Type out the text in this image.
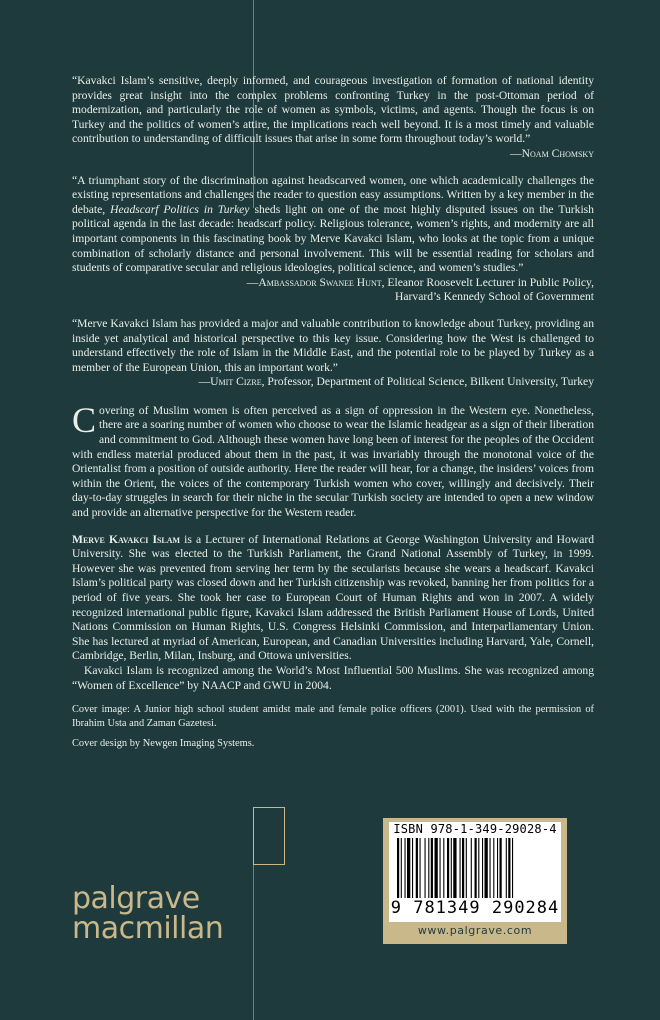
“Kavakci Islam’s sensitive, deeply informed, and courageous investigation of formation of national identity provides great insight into the complex problems confronting Turkey in the post-Ottoman period of modernization, and particularly the role of women as symbols, victims, and agents. Though the focus is on Turkey and the politics of women’s attire, the implications reach well beyond. It is a most timely and valuable contribution to understanding of difficult issues that arise in some form throughout today’s world.”

—Noam Chomsky

“A triumphant story of the discrimination against headscarved women, one which academically challenges the existing representations and challenges the reader to question easy assumptions. Written by a key member in the debate, Headscarf Politics in Turkey sheds light on one of the most highly disputed issues on the Turkish political agenda in the last decade: headscarf policy. Religious tolerance, women’s rights, and modernity are all important components in this fascinating book by Merve Kavakci Islam, who looks at the topic from a unique combination of scholarly distance and personal involvement. This will be essential reading for scholars and students of comparative secular and religious ideologies, political science, and women’s studies.”

—Ambassador Swanee Hunt, Eleanor Roosevelt Lecturer in Public Policy,
Harvard’s Kennedy School of Government

“Merve Kavakci Islam has provided a major and valuable contribution to knowledge about Turkey, providing an inside yet analytical and historical perspective to this key issue. Considering how the West is challenged to understand effectively the role of Islam in the Middle East, and the potential role to be played by Turkey as a member of the European Union, this an important work.”

—Umit Cizre, Professor, Department of Political Science, Bilkent University, Turkey

Covering of Muslim women is often perceived as a sign of oppression in the Western eye. Nonetheless, there are a soaring number of women who choose to wear the Islamic headgear as a sign of their liberation and commitment to God. Although these women have long been of interest for the peoples of the Occident with endless material produced about them in the past, it was invariably through the monotonal voice of the Orientalist from a position of outside authority. Here the reader will hear, for a change, the insiders’ voices from within the Orient, the voices of the contemporary Turkish women who cover, willingly and decisively. Their day-to-day struggles in search for their niche in the secular Turkish society are intended to open a new window and provide an alternative perspective for the Western reader.

Merve Kavakci Islam is a Lecturer of International Relations at George Washington University and Howard University. She was elected to the Turkish Parliament, the Grand National Assembly of Turkey, in 1999. However she was prevented from serving her term by the secularists because she wears a headscarf. Kavakci Islam’s political party was closed down and her Turkish citizenship was revoked, banning her from politics for a period of five years. She took her case to European Court of Human Rights and won in 2007. A widely recognized international public figure, Kavakci Islam addressed the British Parliament House of Lords, United Nations Commission on Human Rights, U.S. Congress Helsinki Commission, and Interparliamentary Union. She has lectured at myriad of American, European, and Canadian Universities including Harvard, Yale, Cornell, Cambridge, Berlin, Milan, Insburg, and Ottowa universities.

Kavakci Islam is recognized among the World’s Most Influential 500 Muslims. She was recognized among “Women of Excellence” by NAACP and GWU in 2004.

Cover image: A Junior high school student amidst male and female police officers (2001). Used with the permission of Ibrahim Usta and Zaman Gazetesi.

Cover design by Newgen Imaging Systems.

palgrave
macmillan
ISBN 978-1-349-29028-4
9 781349 290284
www.palgrave.com
